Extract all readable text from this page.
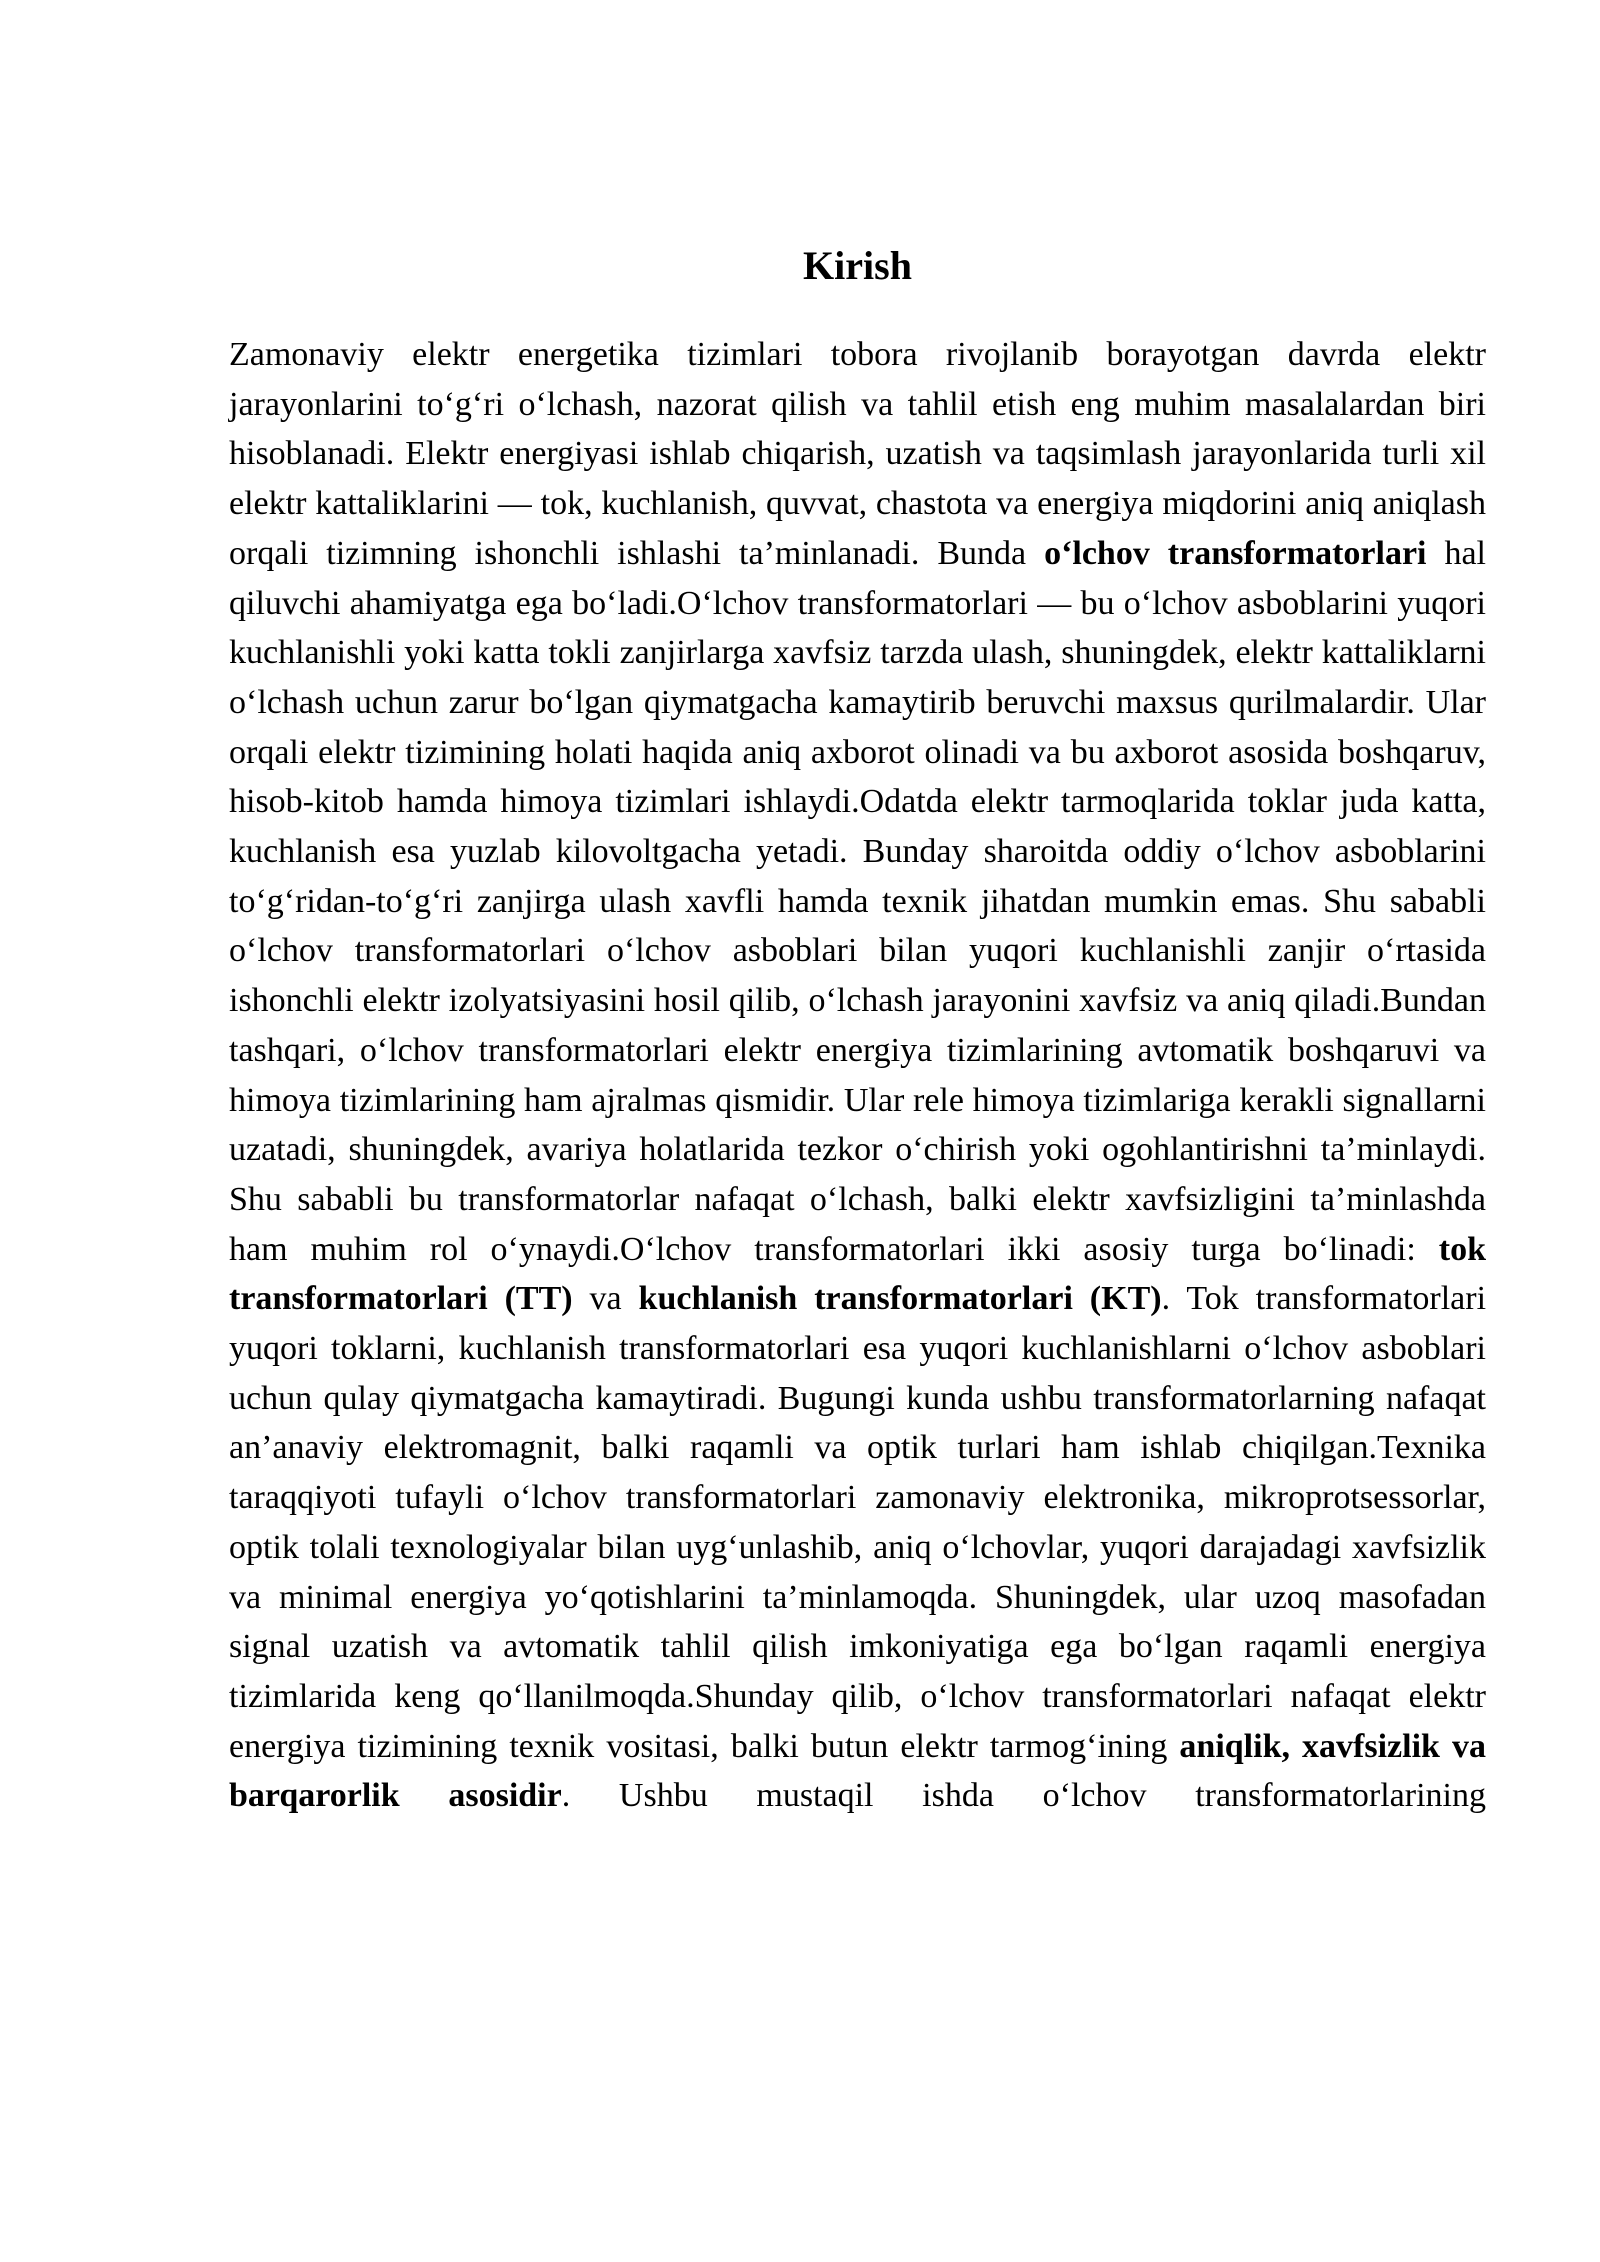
Kirish

Zamonaviy elektr energetika tizimlari tobora rivojlanib borayotgan davrda elektr jarayonlarini to‘g‘ri o‘lchash, nazorat qilish va tahlil etish eng muhim masalalardan biri hisoblanadi. Elektr energiyasi ishlab chiqarish, uzatish va taqsimlash jarayonlarida turli xil elektr kattaliklarini — tok, kuchlanish, quvvat, chastota va energiya miqdorini aniq aniqlash orqali tizimning ishonchli ishlashi ta’minlanadi. Bunda o‘lchov transformatorlari hal qiluvchi ahamiyatga ega bo‘ladi.O‘lchov transformatorlari — bu o‘lchov asboblarini yuqori kuchlanishli yoki katta tokli zanjirlarga xavfsiz tarzda ulash, shuningdek, elektr kattaliklarni o‘lchash uchun zarur bo‘lgan qiymatgacha kamaytirib beruvchi maxsus qurilmalardir. Ular orqali elektr tizimining holati haqida aniq axborot olinadi va bu axborot asosida boshqaruv, hisob-kitob hamda himoya tizimlari ishlaydi.Odatda elektr tarmoqlarida toklar juda katta, kuchlanish esa yuzlab kilovoltgacha yetadi. Bunday sharoitda oddiy o‘lchov asboblarini to‘g‘ridan-to‘g‘ri zanjirga ulash xavfli hamda texnik jihatdan mumkin emas. Shu sababli o‘lchov transformatorlari o‘lchov asboblari bilan yuqori kuchlanishli zanjir o‘rtasida ishonchli elektr izolyatsiyasini hosil qilib, o‘lchash jarayonini xavfsiz va aniq qiladi.Bundan tashqari, o‘lchov transformatorlari elektr energiya tizimlarining avtomatik boshqaruvi va himoya tizimlarining ham ajralmas qismidir. Ular rele himoya tizimlariga kerakli signallarni uzatadi, shuningdek, avariya holatlarida tezkor o‘chirish yoki ogohlantirishni ta’minlaydi. Shu sababli bu transformatorlar nafaqat o‘lchash, balki elektr xavfsizligini ta’minlashda ham muhim rol o‘ynaydi.O‘lchov transformatorlari ikki asosiy turga bo‘linadi: tok transformatorlari (TT) va kuchlanish transformatorlari (KT). Tok transformatorlari yuqori toklarni, kuchlanish transformatorlari esa yuqori kuchlanishlarni o‘lchov asboblari uchun qulay qiymatgacha kamaytiradi. Bugungi kunda ushbu transformatorlarning nafaqat an’anaviy elektromagnit, balki raqamli va optik turlari ham ishlab chiqilgan.Texnika taraqqiyoti tufayli o‘lchov transformatorlari zamonaviy elektronika, mikroprotsessorlar, optik tolali texnologiyalar bilan uyg‘unlashib, aniq o‘lchovlar, yuqori darajadagi xavfsizlik va minimal energiya yo‘qotishlarini ta’minlamoqda. Shuningdek, ular uzoq masofadan signal uzatish va avtomatik tahlil qilish imkoniyatiga ega bo‘lgan raqamli energiya tizimlarida keng qo‘llanilmoqda.Shunday qilib, o‘lchov transformatorlari nafaqat elektr energiya tizimining texnik vositasi, balki butun elektr tarmog‘ining aniqlik, xavfsizlik va barqarorlik asosidir. Ushbu mustaqil ishda o‘lchov transformatorlarining
